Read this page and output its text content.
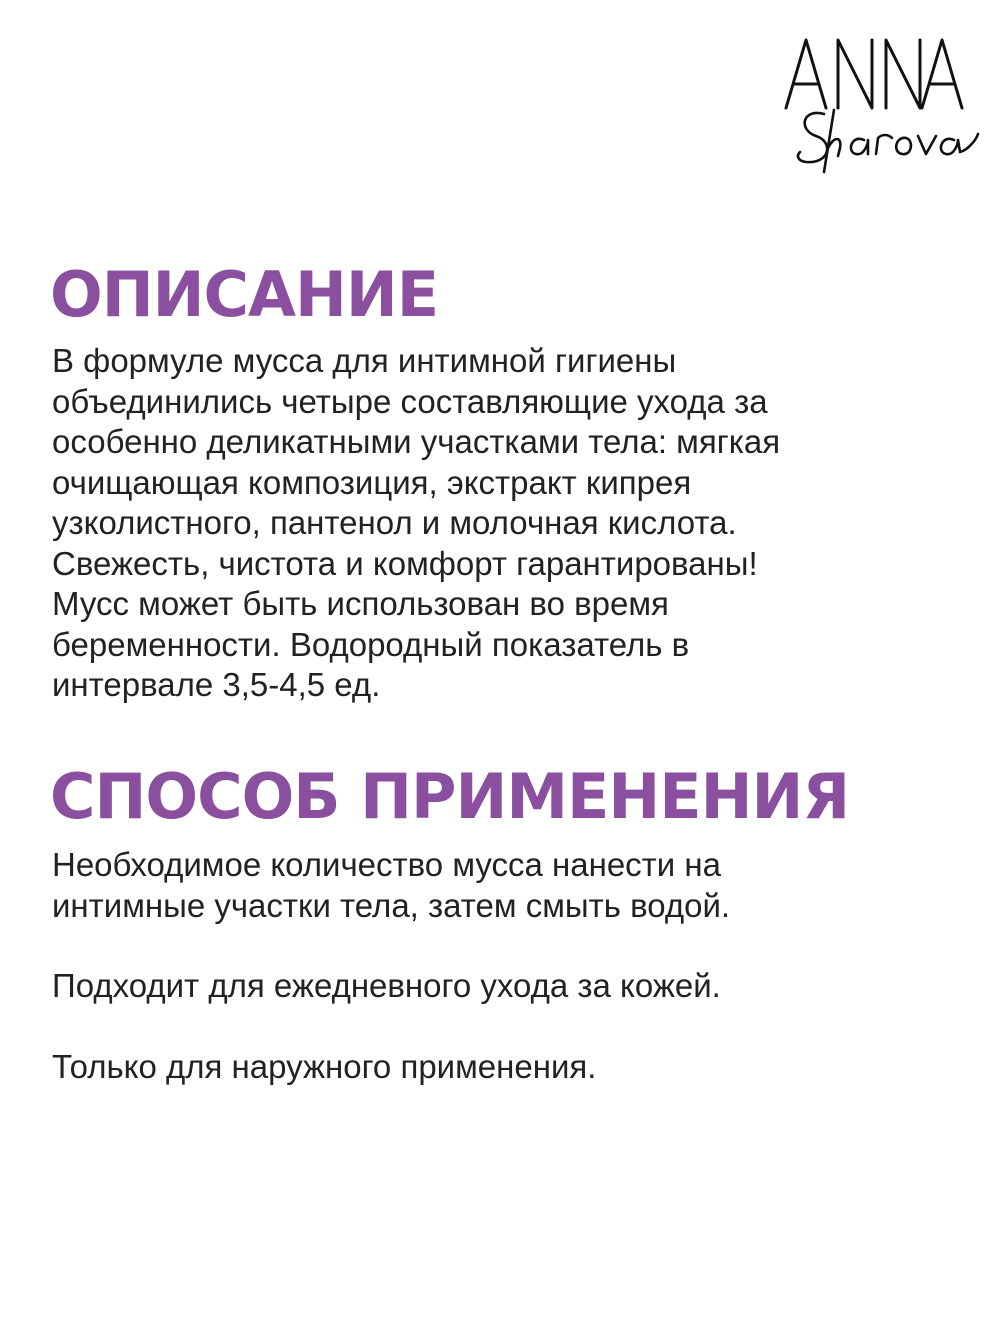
ОПИСАНИЕ

В формуле мусса для интимной гигиены
объединились четыре составляющие ухода за
особенно деликатными участками тела: мягкая
очищающая композиция, экстракт кипрея
узколистного, пантенол и молочная кислота.
Свежесть, чистота и комфорт гарантированы!
Мусс может быть использован во время
беременности. Водородный показатель в
интервале 3,5-4,5 ед.

СПОСОБ ПРИМЕНЕНИЯ

Необходимое количество мусса нанести на
интимные участки тела, затем смыть водой.

Подходит для ежедневного ухода за кожей.

Только для наружного применения.
